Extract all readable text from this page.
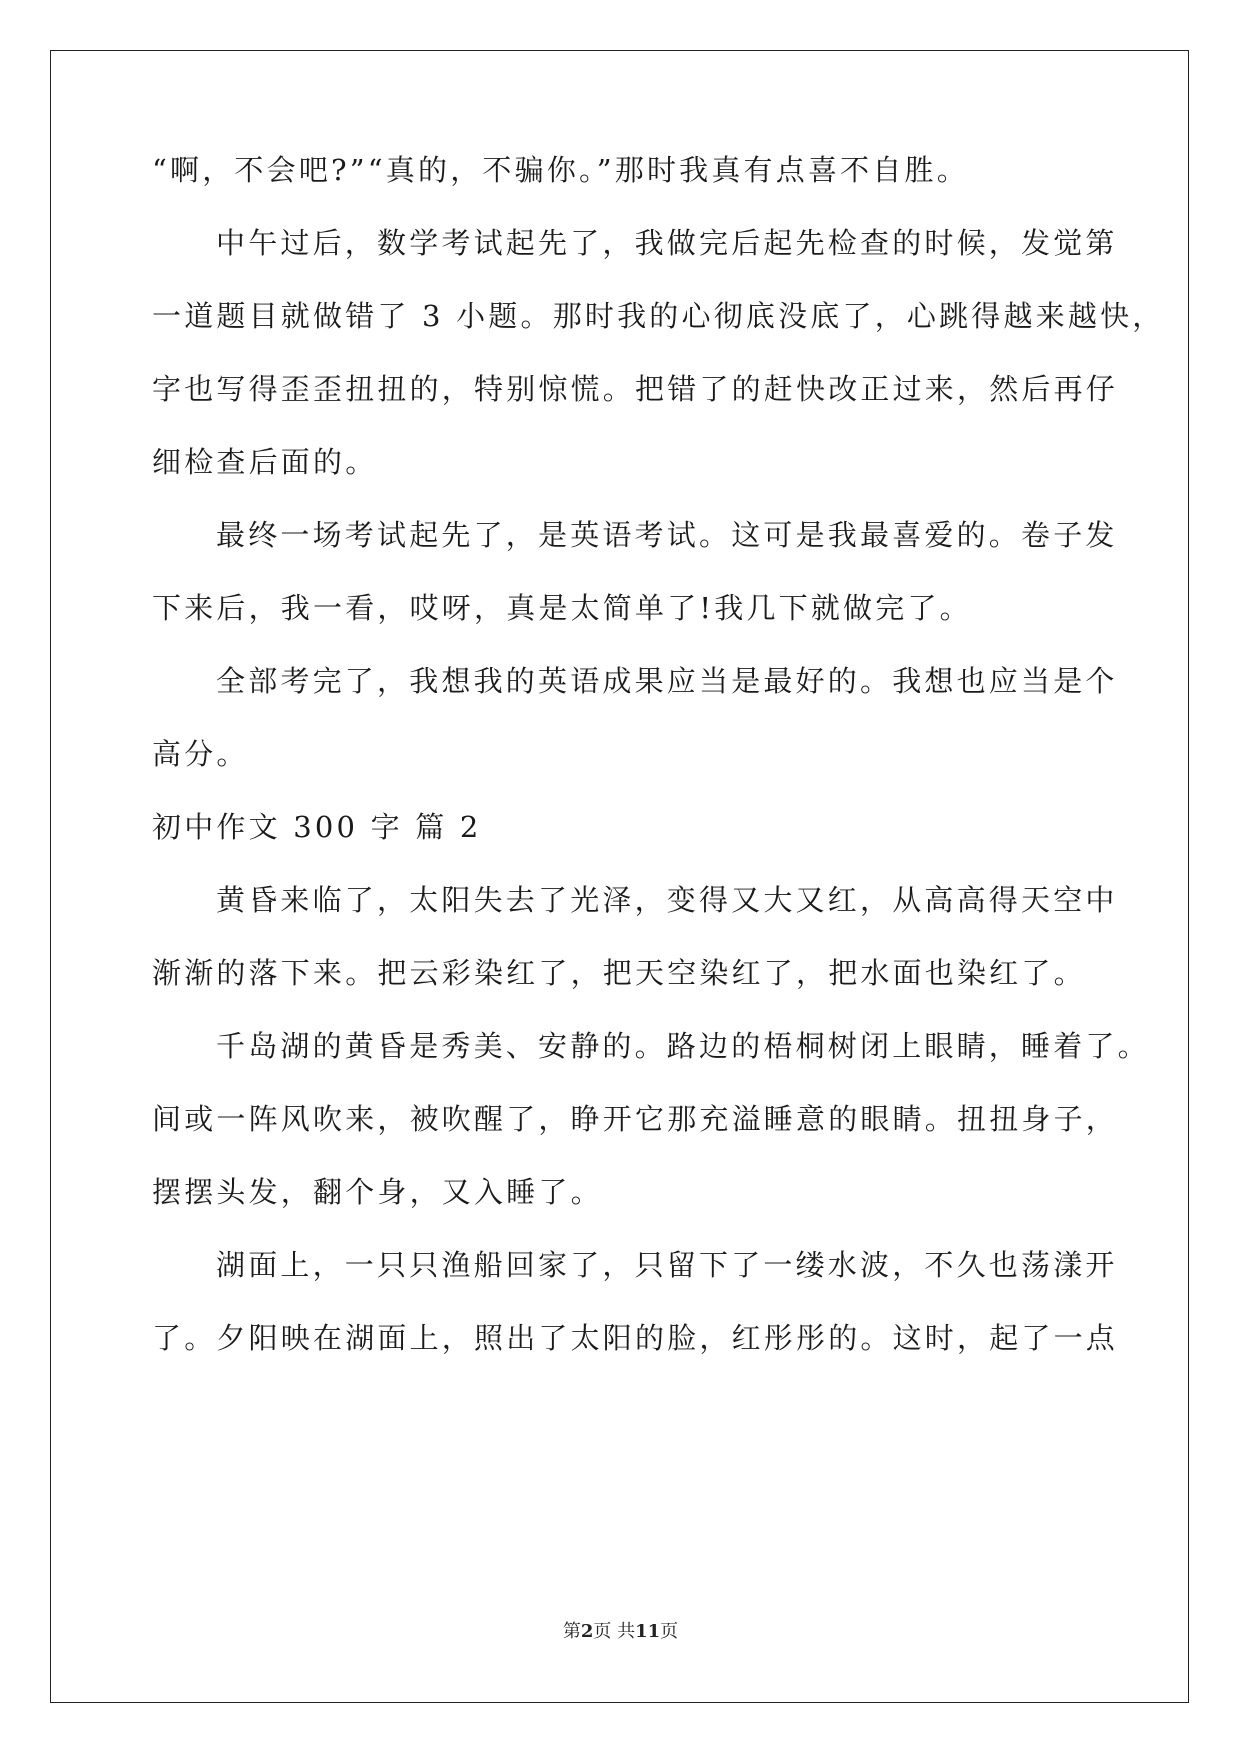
“啊，不会吧?”“真的，不骗你。”那时我真有点喜不自胜。
中午过后，数学考试起先了，我做完后起先检查的时候，发觉第
一道题目就做错了 3 小题。那时我的心彻底没底了，心跳得越来越快，
字也写得歪歪扭扭的，特别惊慌。把错了的赶快改正过来，然后再仔
细检查后面的。
最终一场考试起先了，是英语考试。这可是我最喜爱的。卷子发
下来后，我一看，哎呀，真是太简单了!我几下就做完了。
全部考完了，我想我的英语成果应当是最好的。我想也应当是个
高分。
初中作文 300 字 篇 2
黄昏来临了，太阳失去了光泽，变得又大又红，从高高得天空中
渐渐的落下来。把云彩染红了，把天空染红了，把水面也染红了。
千岛湖的黄昏是秀美、安静的。路边的梧桐树闭上眼睛，睡着了。
间或一阵风吹来，被吹醒了，睁开它那充溢睡意的眼睛。扭扭身子，
摆摆头发，翻个身，又入睡了。
湖面上，一只只渔船回家了，只留下了一缕水波，不久也荡漾开
了。夕阳映在湖面上，照出了太阳的脸，红彤彤的。这时，起了一点
第2页 共11页
